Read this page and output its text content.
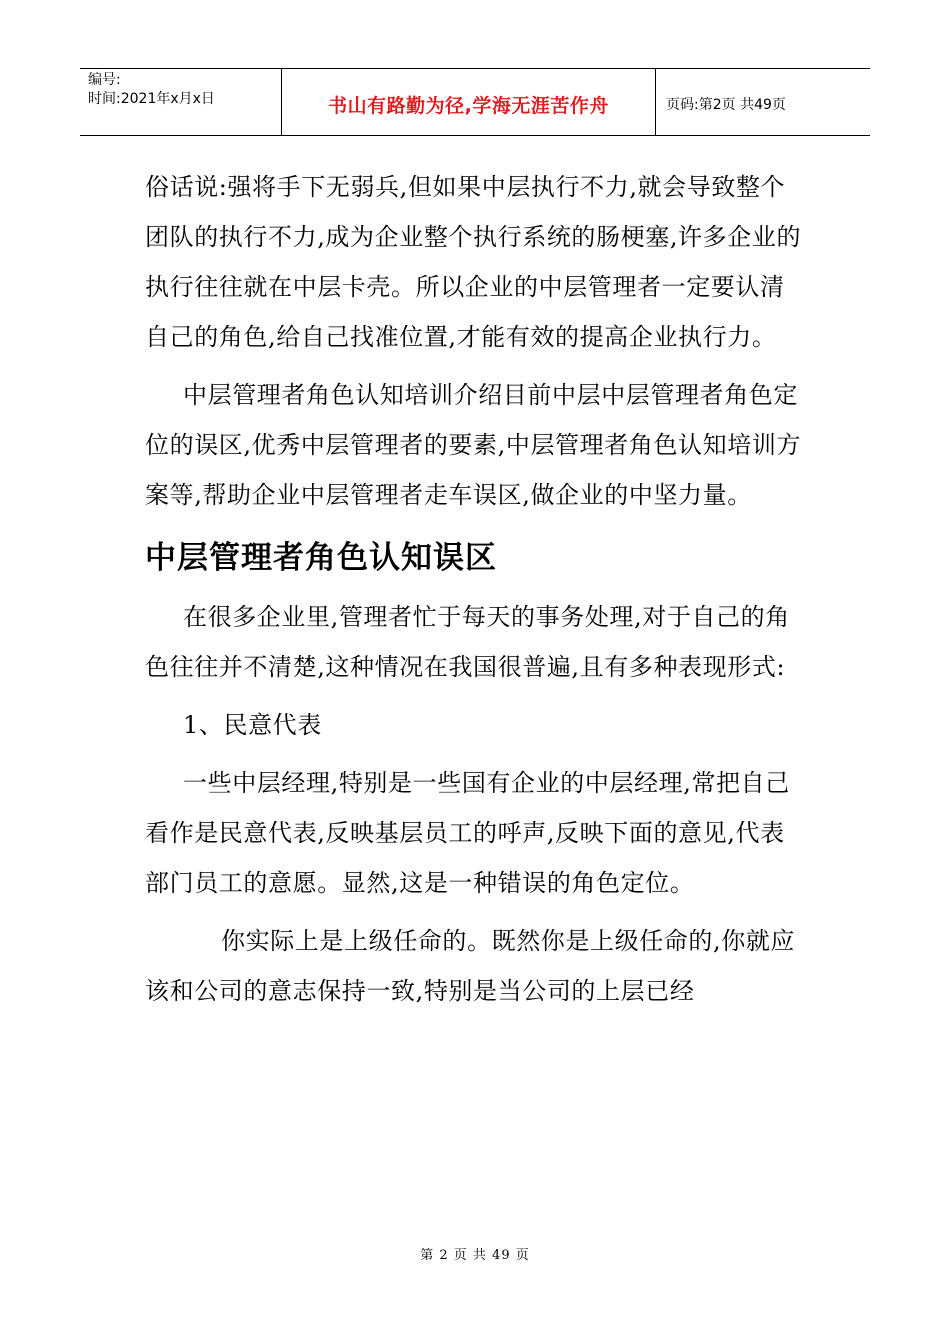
编号:
时间:2021年x月x日	书山有路勤为径,学海无涯苦作舟	页码:第2页 共49页

俗话说:强将手下无弱兵,但如果中层执行不力,就会导致整个团队的执行不力,成为企业整个执行系统的肠梗塞,许多企业的执行往往就在中层卡壳。所以企业的中层管理者一定要认清自己的角色,给自己找准位置,才能有效的提高企业执行力。

中层管理者角色认知培训介绍目前中层中层管理者角色定位的误区,优秀中层管理者的要素,中层管理者角色认知培训方案等,帮助企业中层管理者走车误区,做企业的中坚力量。

中层管理者角色认知误区

在很多企业里,管理者忙于每天的事务处理,对于自己的角色往往并不清楚,这种情况在我国很普遍,且有多种表现形式:

1、民意代表

一些中层经理,特别是一些国有企业的中层经理,常把自己看作是民意代表,反映基层员工的呼声,反映下面的意见,代表部门员工的意愿。显然,这是一种错误的角色定位。

你实际上是上级任命的。既然你是上级任命的,你就应该和公司的意志保持一致,特别是当公司的上层已经

第 2 页 共 49 页
